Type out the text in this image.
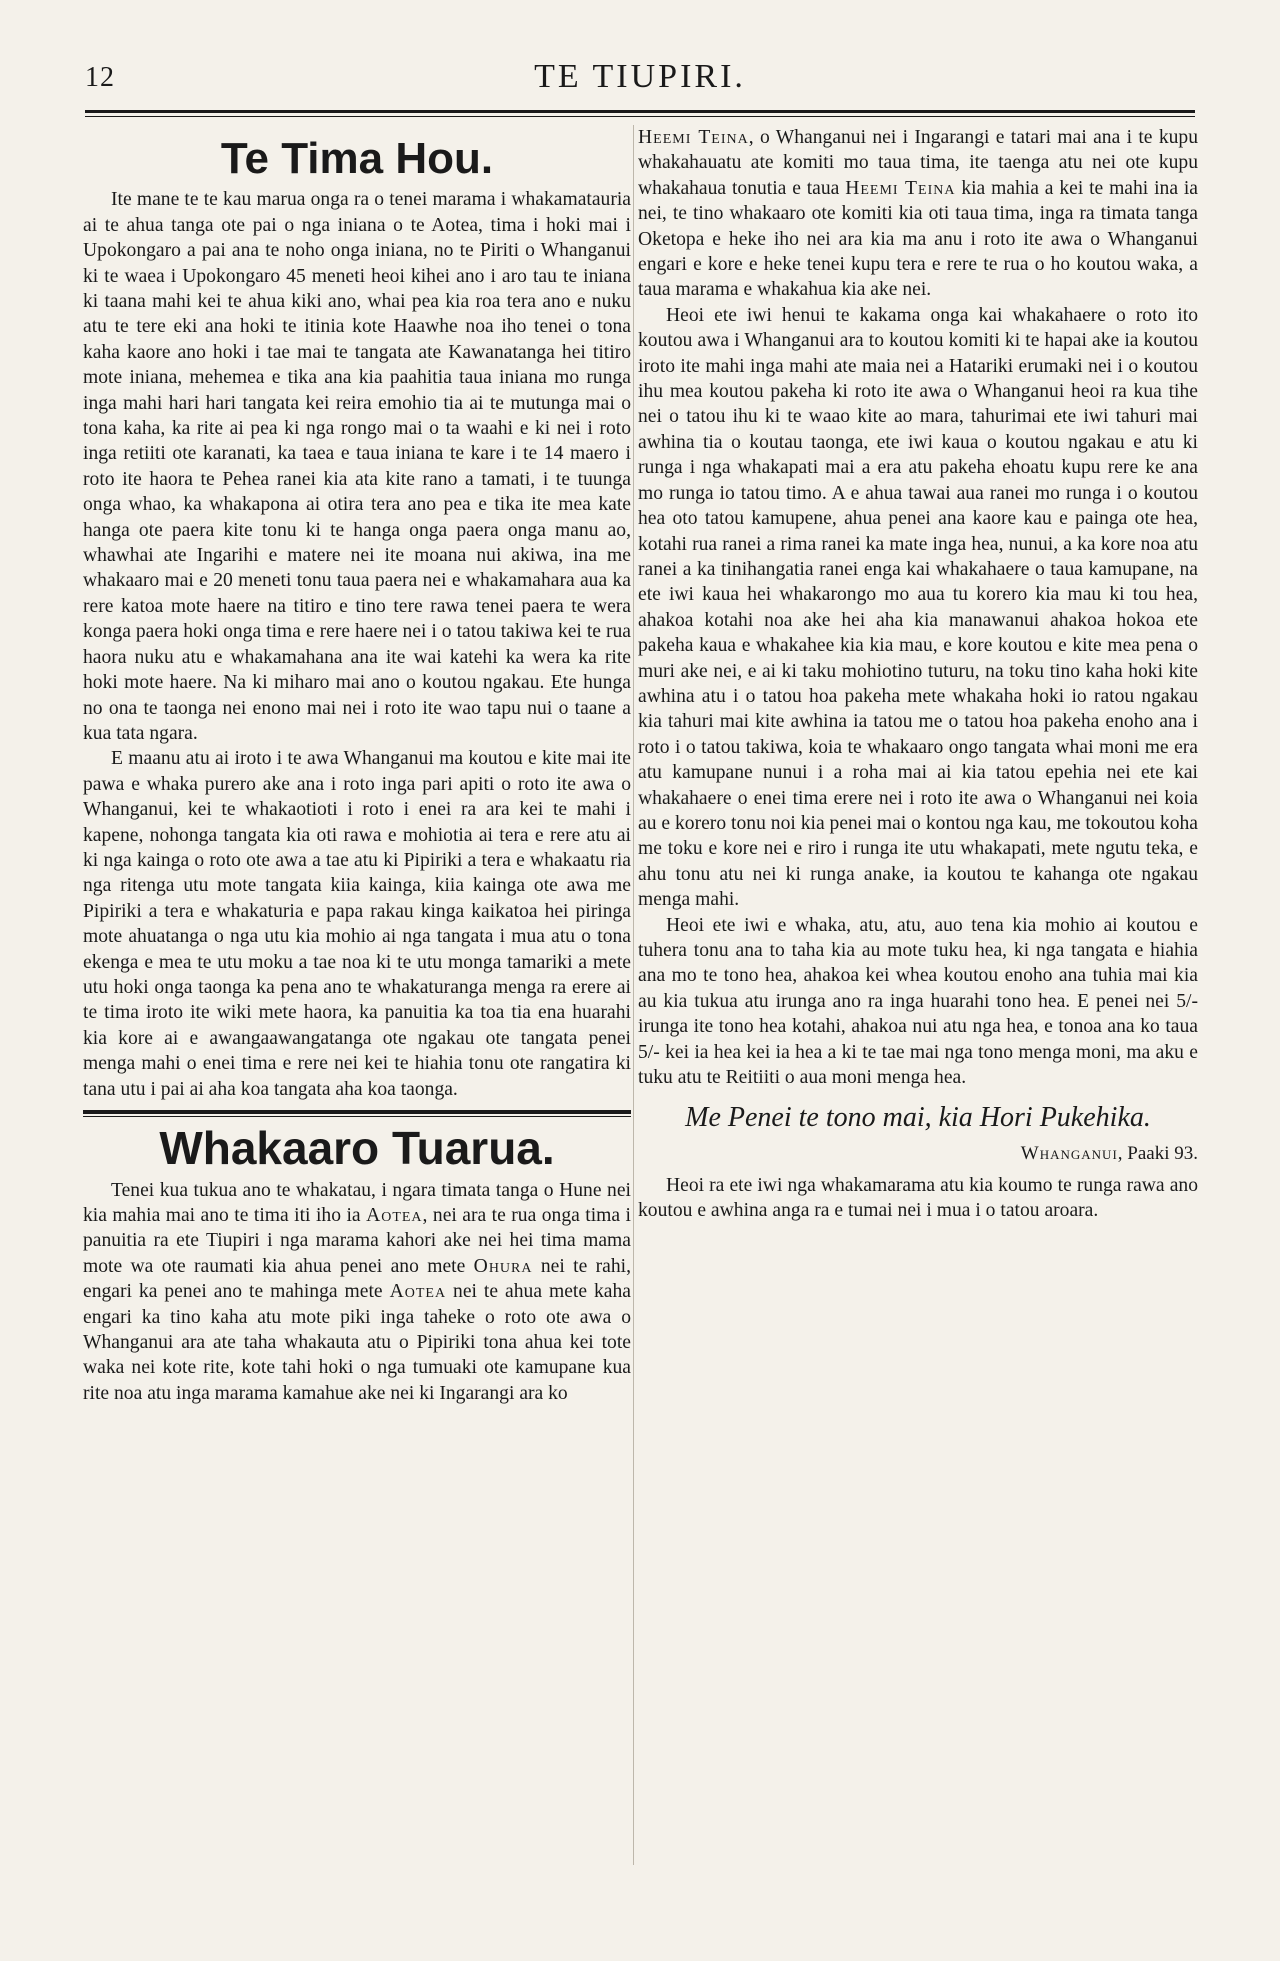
12	TE TIUPIRI.
Te Tima Hou.

Ite mane te te kau marua onga ra o tenei marama i whakamatauria ai te ahua tanga ote pai o nga iniana o te Aotea, tima i hoki mai i Upokongaro a pai ana te noho onga iniana, no te Piriti o Whanganui ki te waea i Upokongaro 45 meneti heoi kihei ano i aro tau te iniana ki taana mahi kei te ahua kiki ano, whai pea kia roa tera ano e nuku atu te tere eki ana hoki te itinia kote Haawhe noa iho tenei o tona kaha kaore ano hoki i tae mai te tangata ate Kawanatanga hei titiro mote iniana, mehemea e tika ana kia paahitia taua iniana mo runga inga mahi hari hari tangata kei reira emohio tia ai te mutunga mai o tona kaha, ka rite ai pea ki nga rongo mai o ta waahi e ki nei i roto inga retiiti ote karanati, ka taea e taua iniana te kare i te 14 maero i roto ite haora te Pehea ranei kia ata kite rano a tamati, i te tuunga onga whao, ka whakapona ai otira tera ano pea e tika ite mea kate hanga ote paera kite tonu ki te hanga onga paera onga manu ao, whawhai ate Ingarihi e matere nei ite moana nui akiwa, ina me whakaaro mai e 20 meneti tonu taua paera nei e whakamahara aua ka rere katoa mote haere na titiro e tino tere rawa tenei paera te wera konga paera hoki onga tima e rere haere nei i o tatou takiwa kei te rua haora nuku atu e whakamahana ana ite wai katehi ka wera ka rite hoki mote haere. Na ki miharo mai ano o koutou ngakau. Ete hunga no ona te taonga nei enono mai nei i roto ite wao tapu nui o taane a kua tata ngara.

E maanu atu ai iroto i te awa Whanganui ma koutou e kite mai ite pawa e whaka purero ake ana i roto inga pari apiti o roto ite awa o Whanganui, kei te whakaotioti i roto i enei ra ara kei te mahi i kapene, nohonga tangata kia oti rawa e mohiotia ai tera e rere atu ai ki nga kainga o roto ote awa a tae atu ki Pipiriki a tera e whakaatu ria nga ritenga utu mote tangata kiia kainga, kiia kainga ote awa me Pipiriki a tera e whakaturia e papa rakau kinga kaikatoa hei piringa mote ahuatanga o nga utu kia mohio ai nga tangata i mua atu o tona ekenga e mea te utu moku a tae noa ki te utu monga tamariki a mete utu hoki onga taonga ka pena ano te whakaturanga menga ra erere ai te tima iroto ite wiki mete haora, ka panuitia ka toa tia ena huarahi kia kore ai e awangaawangatanga ote ngakau ote tangata penei menga mahi o enei tima e rere nei kei te hiahia tonu ote rangatira ki tana utu i pai ai aha koa tangata aha koa taonga.

Whakaaro Tuarua.

Tenei kua tukua ano te whakatau, i ngara timata tanga o Hune nei kia mahia mai ano te tima iti iho ia Aotea, nei ara te rua onga tima i panuitia ra ete Tiupiri i nga marama kahori ake nei hei tima mama mote wa ote raumati kia ahua penei ano mete Ohura nei te rahi, engari ka penei ano te mahinga mete Aotea nei te ahua mete kaha engari ka tino kaha atu mote piki inga taheke o roto ote awa o Whanganui ara ate taha whakauta atu o Pipiriki tona ahua kei tote waka nei kote rite, kote tahi hoki o nga tumuaki ote kamupane kua rite noa atu inga marama kamahue ake nei ki Ingarangi ara ko

Heemi Teina, o Whanganui nei i Ingarangi e tatari mai ana i te kupu whakahauatu ate komiti mo taua tima, ite taenga atu nei ote kupu whakahaua tonutia e taua Heemi Teina kia mahia a kei te mahi ina ia nei, te tino whakaaro ote komiti kia oti taua tima, inga ra timata tanga Oketopa e heke iho nei ara kia ma anu i roto ite awa o Whanganui engari e kore e heke tenei kupu tera e rere te rua o ho koutou waka, a taua marama e whakahua kia ake nei.

Heoi ete iwi henui te kakama onga kai whakahaere o roto ito koutou awa i Whanganui ara to koutou komiti ki te hapai ake ia koutou iroto ite mahi inga mahi ate maia nei a Hatariki erumaki nei i o koutou ihu mea koutou pakeha ki roto ite awa o Whanganui heoi ra kua tihe nei o tatou ihu ki te waao kite ao mara, tahurimai ete iwi tahuri mai awhina tia o koutau taonga, ete iwi kaua o koutou ngakau e atu ki runga i nga whakapati mai a era atu pakeha ehoatu kupu rere ke ana mo runga io tatou timo. A e ahua tawai aua ranei mo runga i o koutou hea oto tatou kamupene, ahua penei ana kaore kau e painga ote hea, kotahi rua ranei a rima ranei ka mate inga hea, nunui, a ka kore noa atu ranei a ka tinihangatia ranei enga kai whakahaere o taua kamupane, na ete iwi kaua hei whakarongo mo aua tu korero kia mau ki tou hea, ahakoa kotahi noa ake hei aha kia manawanui ahakoa hokoa ete pakeha kaua e whakahee kia kia mau, e kore koutou e kite mea pena o muri ake nei, e ai ki taku mohiotino tuturu, na toku tino kaha hoki kite awhina atu i o tatou hoa pakeha mete whakaha hoki io ratou ngakau kia tahuri mai kite awhina ia tatou me o tatou hoa pakeha enoho ana i roto i o tatou takiwa, koia te whakaaro ongo tangata whai moni me era atu kamupane nunui i a roha mai ai kia tatou epehia nei ete kai whakahaere o enei tima erere nei i roto ite awa o Whanganui nei koia au e korero tonu noi kia penei mai o kontou nga kau, me tokoutou koha me toku e kore nei e riro i runga ite utu whakapati, mete ngutu teka, e ahu tonu atu nei ki runga anake, ia koutou te kahanga ote ngakau menga mahi.

Heoi ete iwi e whaka, atu, atu, auo tena kia mohio ai koutou e tuhera tonu ana to taha kia au mote tuku hea, ki nga tangata e hiahia ana mo te tono hea, ahakoa kei whea koutou enoho ana tuhia mai kia au kia tukua atu irunga ano ra inga huarahi tono hea. E penei nei 5/- irunga ite tono hea kotahi, ahakoa nui atu nga hea, e tonoa ana ko taua 5/- kei ia hea kei ia hea a ki te tae mai nga tono menga moni, ma aku e tuku atu te Reitiiti o aua moni menga hea.

Me Penei te tono mai, kia Hori Pukehika.
Whanganui, Paaki 93.

Heoi ra ete iwi nga whakamarama atu kia koumo te runga rawa ano koutou e awhina anga ra e tumai nei i mua i o tatou aroara.
